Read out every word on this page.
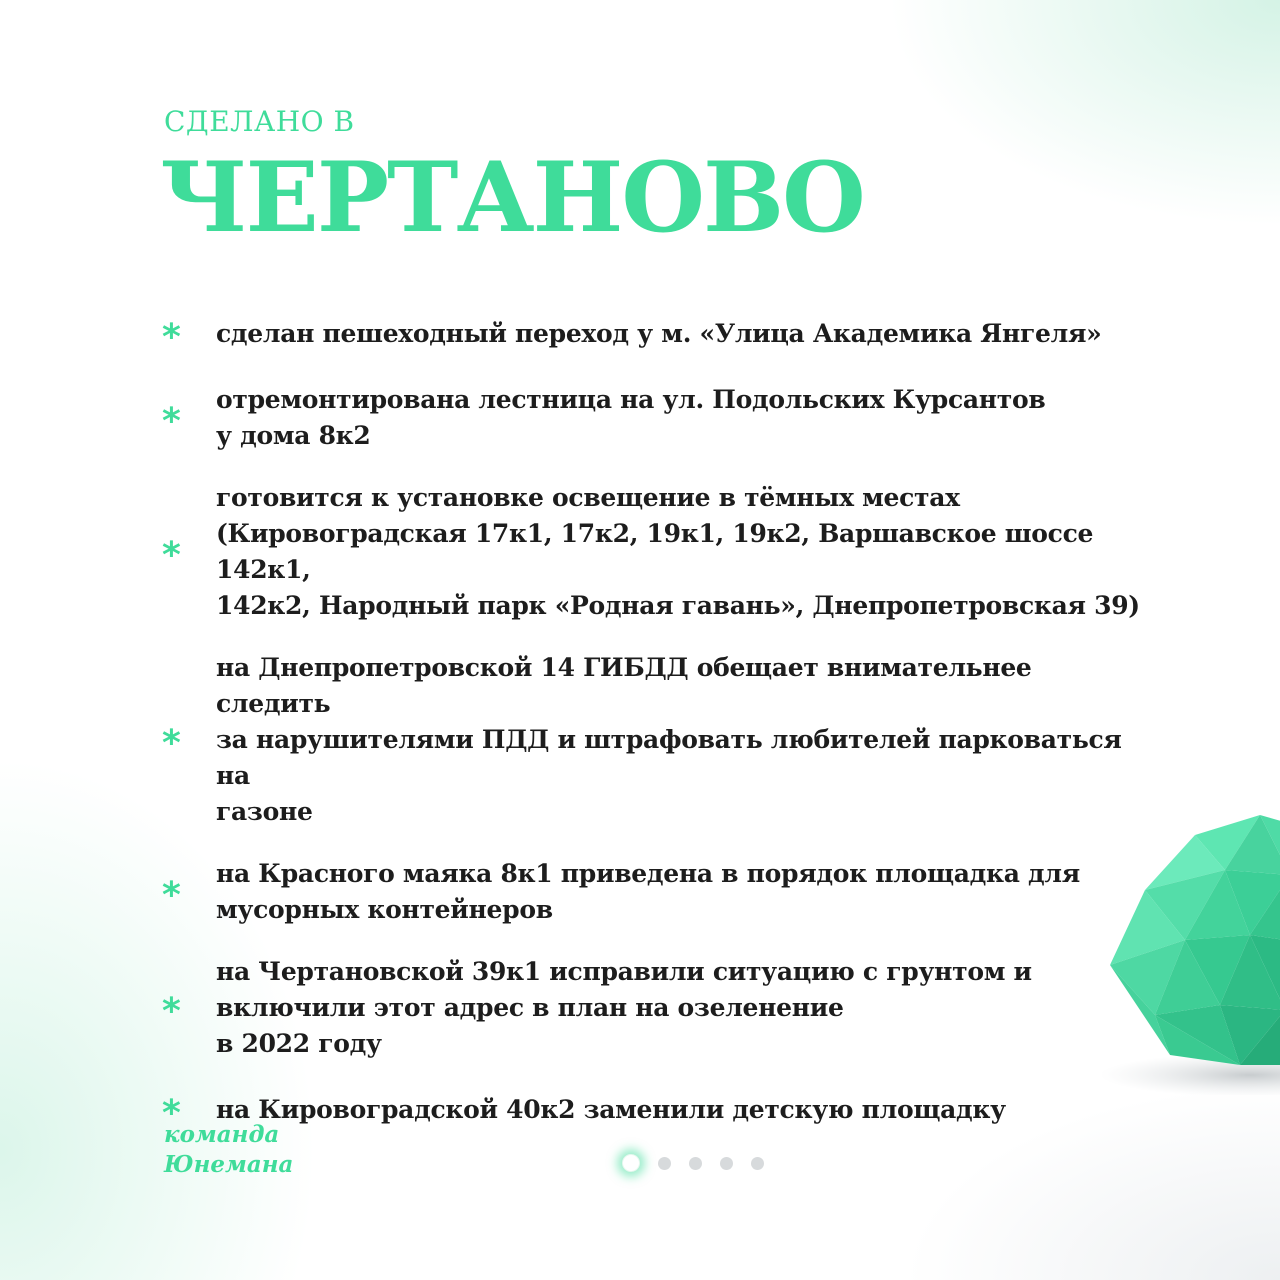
СДЕЛАНО В
ЧЕРТАНОВО
*	сделан пешеходный переход у м. «Улица Академика Янгеля»
*
отремонтирована лестница на ул. Подольских Курсантов
у дома 8к2
*
готовится к установке освещение в тёмных местах
(Кировоградская 17к1, 17к2, 19к1, 19к2, Варшавское шоссе 142к1,
142к2, Народный парк «Родная гавань», Днепропетровская 39)
*
на Днепропетровской 14 ГИБДД обещает внимательнее следить
за нарушителями ПДД и штрафовать любителей парковаться на
газоне
*
на Красного маяка 8к1 приведена в порядок площадка для
мусорных контейнеров
*
на Чертановской 39к1 исправили ситуацию с грунтом и
включили этот адрес в план на озеленение
в 2022 году
*	на Кировоградской 40к2 заменили детскую площадку
команда
Юнемана
